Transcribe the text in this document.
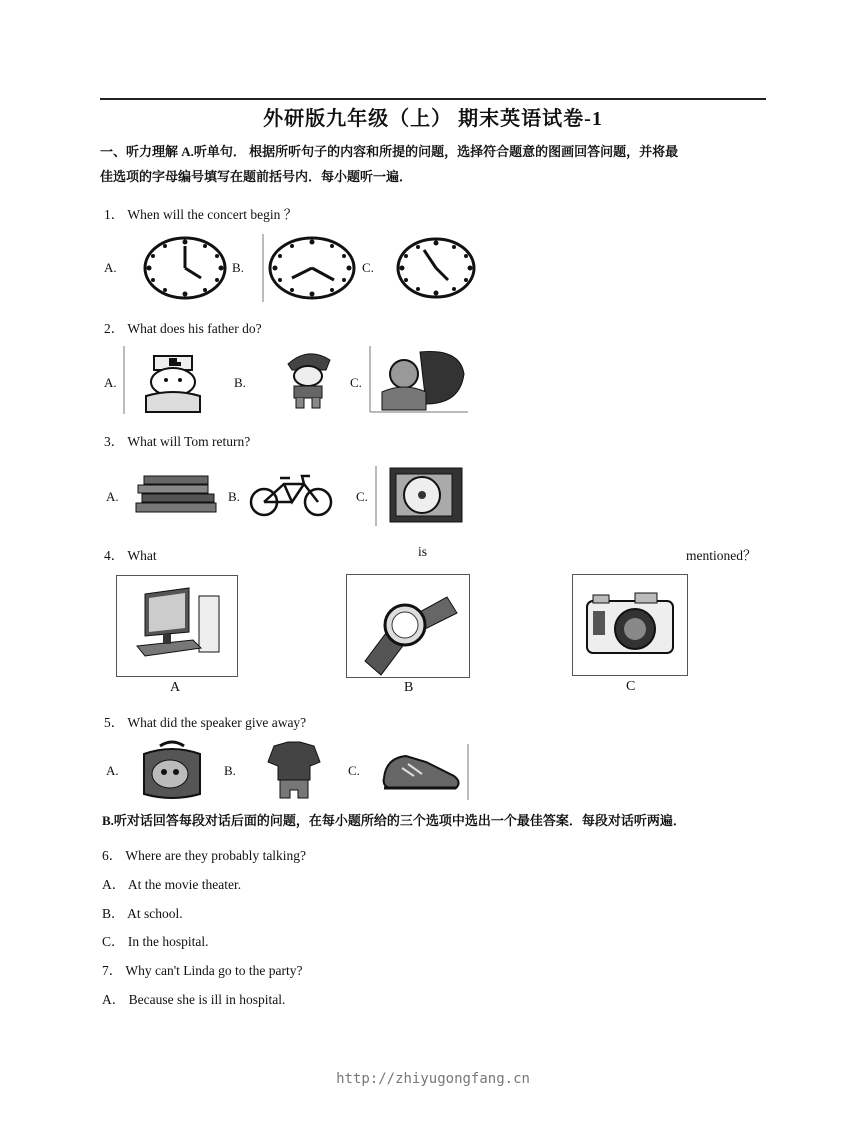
外研版九年级（上） 期末英语试卷-1
一、听力理解 A.听单句． 根据所听句子的内容和所提的问题，选择符合题意的图画回答问题，并将最
佳选项的字母编号填写在题前括号内．每小题听一遍．
1． When will the concert begin ？
A.	B.	C.
2． What does his father do?
A.	B.	C.
3． What will Tom return?
A.	B.	C.
4． What	is	mentioned？
A	B	C
5． What did the speaker give away?
A.	B.	C.
B.听对话回答每段对话后面的问题，在每小题所给的三个选项中选出一个最佳答案．每段对话听两遍．
6． Where are they probably talking?
A． At the movie theater.
B． At school.
C． In the hospital.
7． Why can't Linda go to the party?
A． Because she is ill in hospital.
http://zhiyugongfang.cn
